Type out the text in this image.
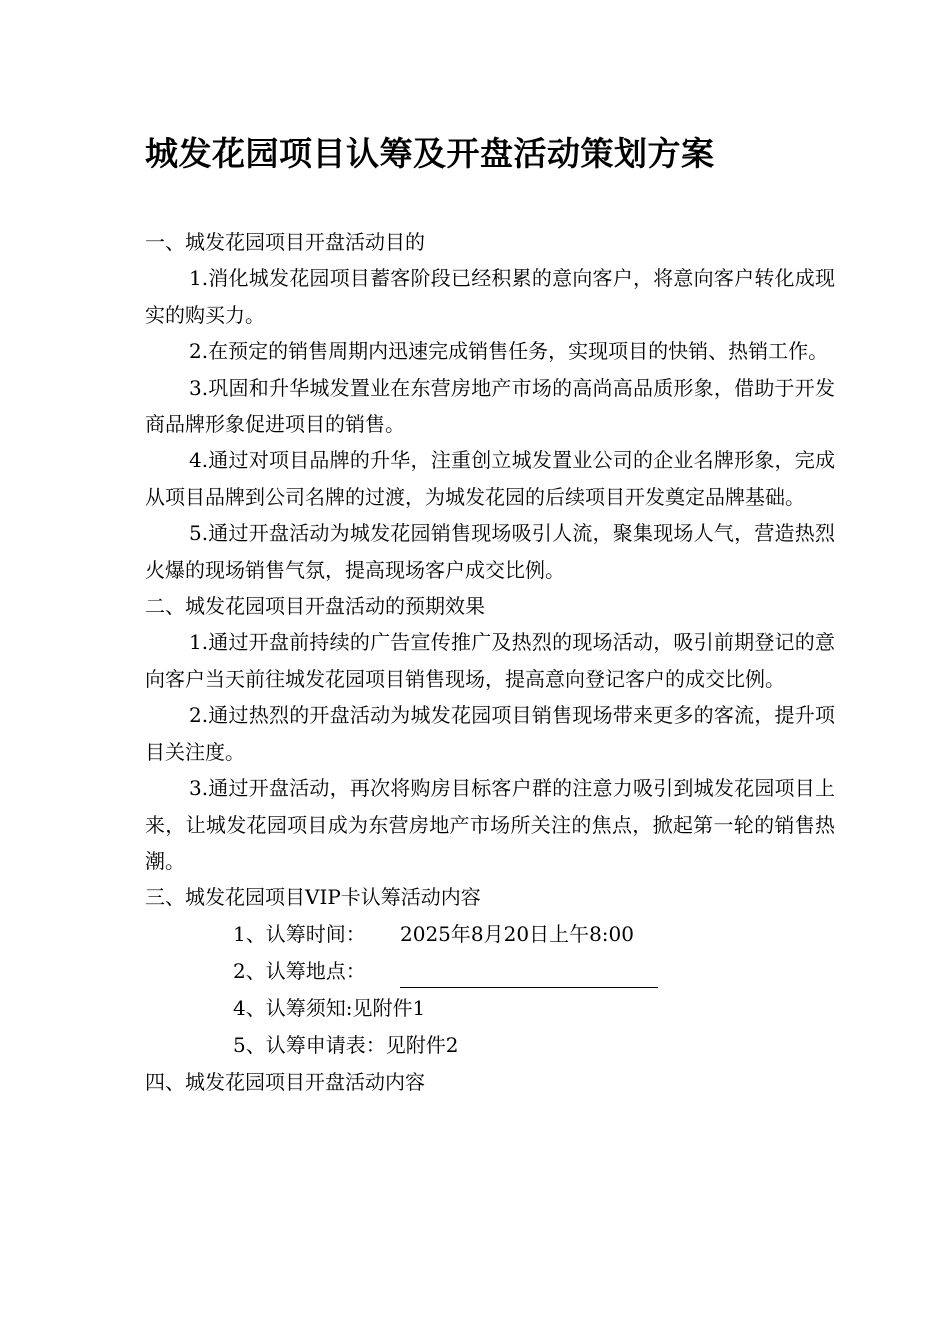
城发花园项目认筹及开盘活动策划方案

一、城发花园项目开盘活动目的

1.消化城发花园项目蓄客阶段已经积累的意向客户，将意向客户转化成现实的购买力。

2.在预定的销售周期内迅速完成销售任务，实现项目的快销、热销工作。

3.巩固和升华城发置业在东营房地产市场的高尚高品质形象，借助于开发商品牌形象促进项目的销售。

4.通过对项目品牌的升华，注重创立城发置业公司的企业名牌形象，完成从项目品牌到公司名牌的过渡，为城发花园的后续项目开发奠定品牌基础。

5.通过开盘活动为城发花园销售现场吸引人流，聚集现场人气，营造热烈火爆的现场销售气氛，提高现场客户成交比例。

二、城发花园项目开盘活动的预期效果

1.通过开盘前持续的广告宣传推广及热烈的现场活动，吸引前期登记的意向客户当天前往城发花园项目销售现场，提高意向登记客户的成交比例。

2.通过热烈的开盘活动为城发花园项目销售现场带来更多的客流，提升项目关注度。

3.通过开盘活动，再次将购房目标客户群的注意力吸引到城发花园项目上来，让城发花园项目成为东营房地产市场所关注的焦点，掀起第一轮的销售热潮。

三、城发花园项目VIP卡认筹活动内容

1、认筹时间： 2025年8月20日上午8:00
2、认筹地点：
4、认筹须知:见附件1
5、认筹申请表：见附件2

四、城发花园项目开盘活动内容
